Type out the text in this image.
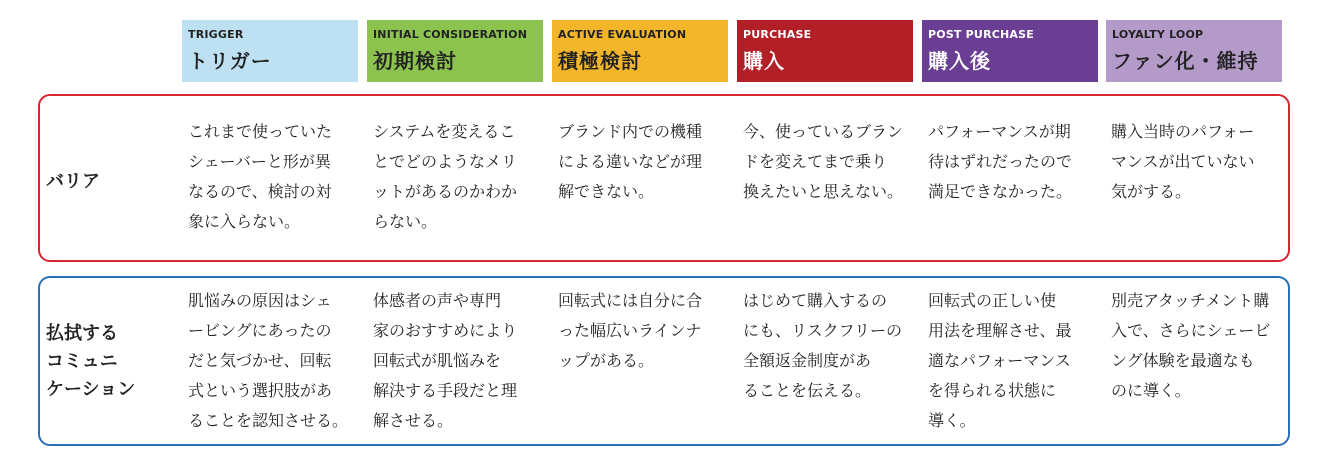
TRIGGER
トリガー
INITIAL CONSIDERATION
初期検討
ACTIVE EVALUATION
積極検討
PURCHASE
購入
POST PURCHASE
購入後
LOYALTY LOOP
ファン化・維持
バリア
これまで使っていた
シェーバーと形が異
なるので、検討の対
象に入らない。
システムを変えるこ
とでどのようなメリ
ットがあるのかわか
らない。
ブランド内での機種
による違いなどが理
解できない。
今、使っているブラン
ドを変えてまで乗り
換えたいと思えない。
パフォーマンスが期
待はずれだったので
満足できなかった。
購入当時のパフォー
マンスが出ていない
気がする。
払拭する
コミュニ
ケーション
肌悩みの原因はシェ
ービングにあったの
だと気づかせ、回転
式という選択肢があ
ることを認知させる。
体感者の声や専門
家のおすすめにより
回転式が肌悩みを
解決する手段だと理
解させる。
回転式には自分に合
った幅広いラインナ
ップがある。
はじめて購入するの
にも、リスクフリーの
全額返金制度があ
ることを伝える。
回転式の正しい使
用法を理解させ、最
適なパフォーマンス
を得られる状態に
導く。
別売アタッチメント購
入で、さらにシェービ
ング体験を最適なも
のに導く。
